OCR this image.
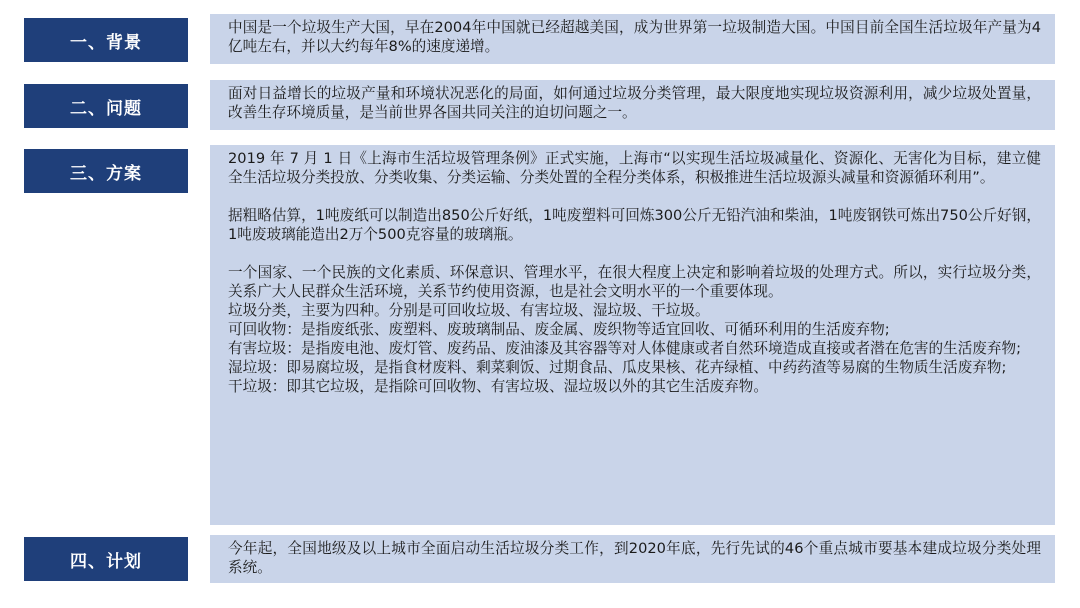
一、背景

中国是一个垃圾生产大国，早在2004年中国就已经超越美国，成为世界第一垃圾制造大国。中国目前全国生活垃圾年产量为4亿吨左右，并以大约每年8%的速度递增。

二、问题

面对日益增长的垃圾产量和环境状况恶化的局面，如何通过垃圾分类管理，最大限度地实现垃圾资源利用，减少垃圾处置量，改善生存环境质量，是当前世界各国共同关注的迫切问题之一。

三、方案

2019 年 7 月 1 日《上海市生活垃圾管理条例》正式实施，上海市“以实现生活垃圾减量化、资源化、无害化为目标，建立健全生活垃圾分类投放、分类收集、分类运输、分类处置的全程分类体系，积极推进生活垃圾源头减量和资源循环利用”。

据粗略估算，1吨废纸可以制造出850公斤好纸，1吨废塑料可回炼300公斤无铅汽油和柴油，1吨废钢铁可炼出750公斤好钢，1吨废玻璃能造出2万个500克容量的玻璃瓶。

一个国家、一个民族的文化素质、环保意识、管理水平，在很大程度上决定和影响着垃圾的处理方式。所以，实行垃圾分类，关系广大人民群众生活环境，关系节约使用资源，也是社会文明水平的一个重要体现。

垃圾分类，主要为四种。分别是可回收垃圾、有害垃圾、湿垃圾、干垃圾。

可回收物：是指废纸张、废塑料、废玻璃制品、废金属、废织物等适宜回收、可循环利用的生活废弃物;

有害垃圾：是指废电池、废灯管、废药品、废油漆及其容器等对人体健康或者自然环境造成直接或者潜在危害的生活废弃物;

湿垃圾：即易腐垃圾，是指食材废料、剩菜剩饭、过期食品、瓜皮果核、花卉绿植、中药药渣等易腐的生物质生活废弃物;

干垃圾：即其它垃圾，是指除可回收物、有害垃圾、湿垃圾以外的其它生活废弃物。

四、计划

今年起，全国地级及以上城市全面启动生活垃圾分类工作，到2020年底，先行先试的46个重点城市要基本建成垃圾分类处理系统。
